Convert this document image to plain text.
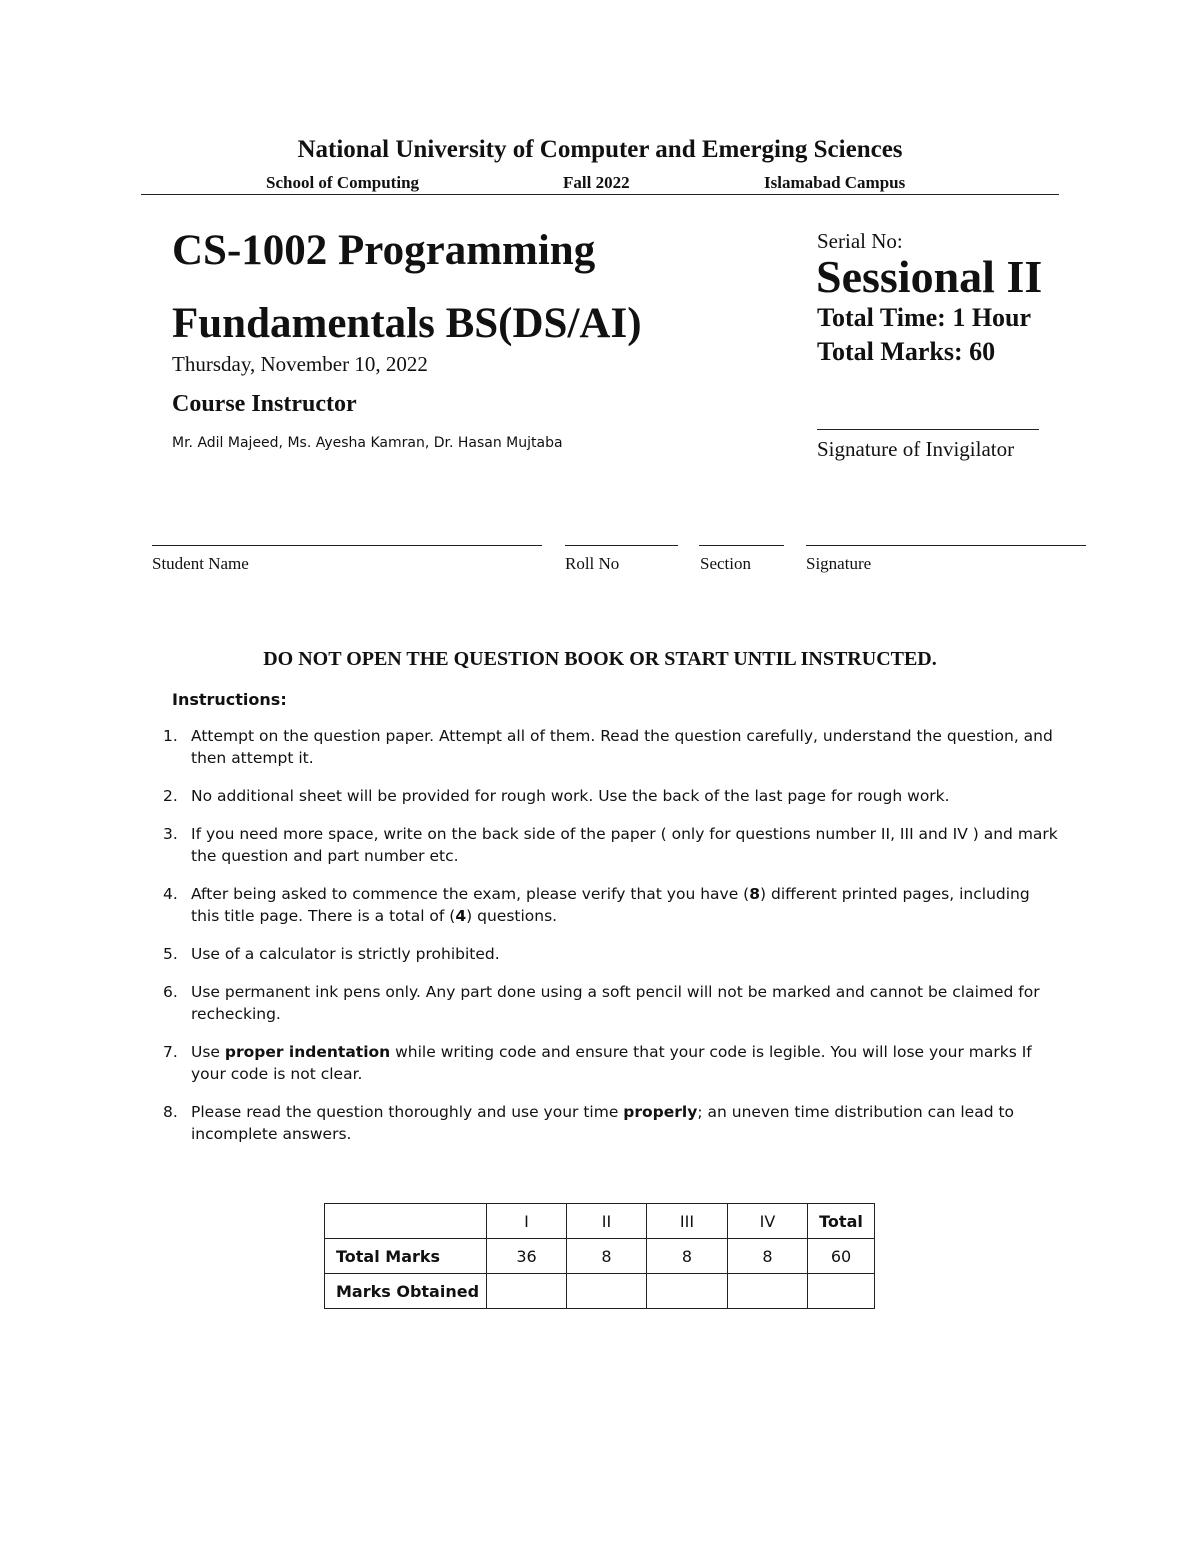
National University of Computer and Emerging Sciences
School of Computing	Fall 2022	Islamabad Campus
CS-1002 Programming
Fundamentals BS(DS/AI)
Thursday, November 10, 2022
Course Instructor
Mr. Adil Majeed, Ms. Ayesha Kamran, Dr. Hasan Mujtaba
Serial No:
Sessional II
Total Time: 1 Hour
Total Marks: 60
Signature of Invigilator
Student Name	Roll No	Section	Signature
DO NOT OPEN THE QUESTION BOOK OR START UNTIL INSTRUCTED.
Instructions:
1. Attempt on the question paper. Attempt all of them. Read the question carefully, understand the question, and then attempt it.
2. No additional sheet will be provided for rough work. Use the back of the last page for rough work.
3. If you need more space, write on the back side of the paper ( only for questions number II, III and IV ) and mark the question and part number etc.
4. After being asked to commence the exam, please verify that you have (8) different printed pages, including this title page. There is a total of (4) questions.
5. Use of a calculator is strictly prohibited.
6. Use permanent ink pens only. Any part done using a soft pencil will not be marked and cannot be claimed for rechecking.
7. Use proper indentation while writing code and ensure that your code is legible. You will lose your marks If your code is not clear.
8. Please read the question thoroughly and use your time properly; an uneven time distribution can lead to incomplete answers.
	I	II	III	IV	Total
Total Marks	36	8	8	8	60
Marks Obtained					
